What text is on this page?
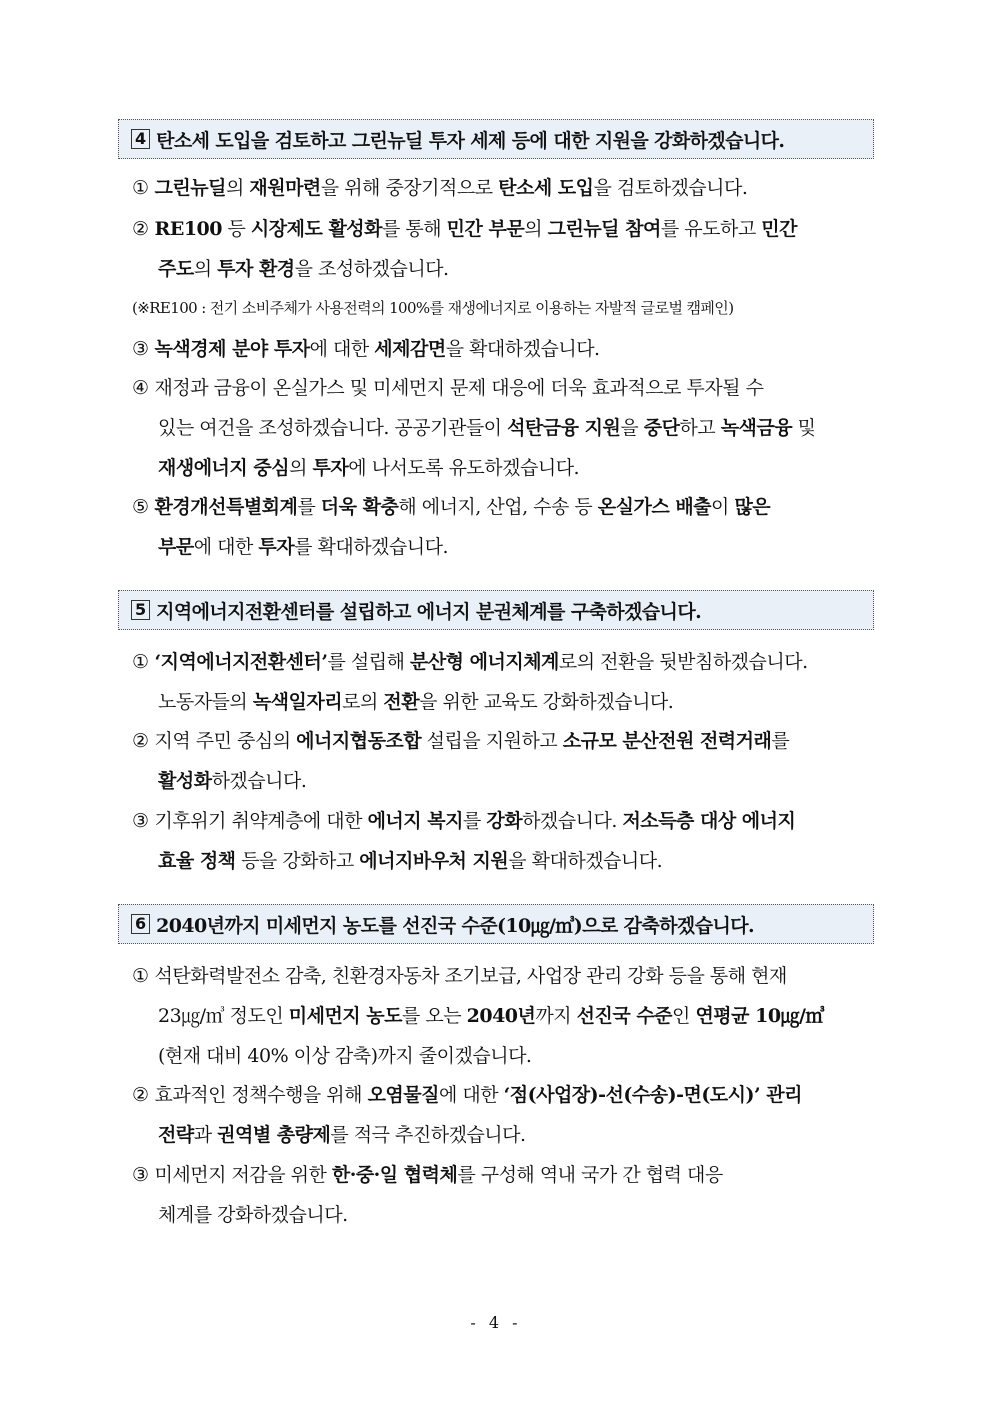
4 탄소세 도입을 검토하고 그린뉴딜 투자 세제 등에 대한 지원을 강화하겠습니다.
① 그린뉴딜의 재원마련을 위해 중장기적으로 탄소세 도입을 검토하겠습니다.
② RE100 등 시장제도 활성화를 통해 민간 부문의 그린뉴딜 참여를 유도하고 민간
주도의 투자 환경을 조성하겠습니다.
(※RE100 : 전기 소비주체가 사용전력의 100%를 재생에너지로 이용하는 자발적 글로벌 캠페인)
③ 녹색경제 분야 투자에 대한 세제감면을 확대하겠습니다.
④ 재정과 금융이 온실가스 및 미세먼지 문제 대응에 더욱 효과적으로 투자될 수
있는 여건을 조성하겠습니다. 공공기관들이 석탄금융 지원을 중단하고 녹색금융 및
재생에너지 중심의 투자에 나서도록 유도하겠습니다.
⑤ 환경개선특별회계를 더욱 확충해 에너지, 산업, 수송 등 온실가스 배출이 많은
부문에 대한 투자를 확대하겠습니다.
5 지역에너지전환센터를 설립하고 에너지 분권체계를 구축하겠습니다.
① ‘지역에너지전환센터’를 설립해 분산형 에너지체계로의 전환을 뒷받침하겠습니다.
노동자들의 녹색일자리로의 전환을 위한 교육도 강화하겠습니다.
② 지역 주민 중심의 에너지협동조합 설립을 지원하고 소규모 분산전원 전력거래를
활성화하겠습니다.
③ 기후위기 취약계층에 대한 에너지 복지를 강화하겠습니다. 저소득층 대상 에너지
효율 정책 등을 강화하고 에너지바우처 지원을 확대하겠습니다.
6 2040년까지 미세먼지 농도를 선진국 수준(10㎍/㎥)으로 감축하겠습니다.
① 석탄화력발전소 감축, 친환경자동차 조기보급, 사업장 관리 강화 등을 통해 현재
23㎍/㎥ 정도인 미세먼지 농도를 오는 2040년까지 선진국 수준인 연평균 10㎍/㎥
(현재 대비 40% 이상 감축)까지 줄이겠습니다.
② 효과적인 정책수행을 위해 오염물질에 대한 ‘점(사업장)-선(수송)-면(도시)’ 관리
전략과 권역별 총량제를 적극 추진하겠습니다.
③ 미세먼지 저감을 위한 한·중·일 협력체를 구성해 역내 국가 간 협력 대응
체계를 강화하겠습니다.
- 4 -
